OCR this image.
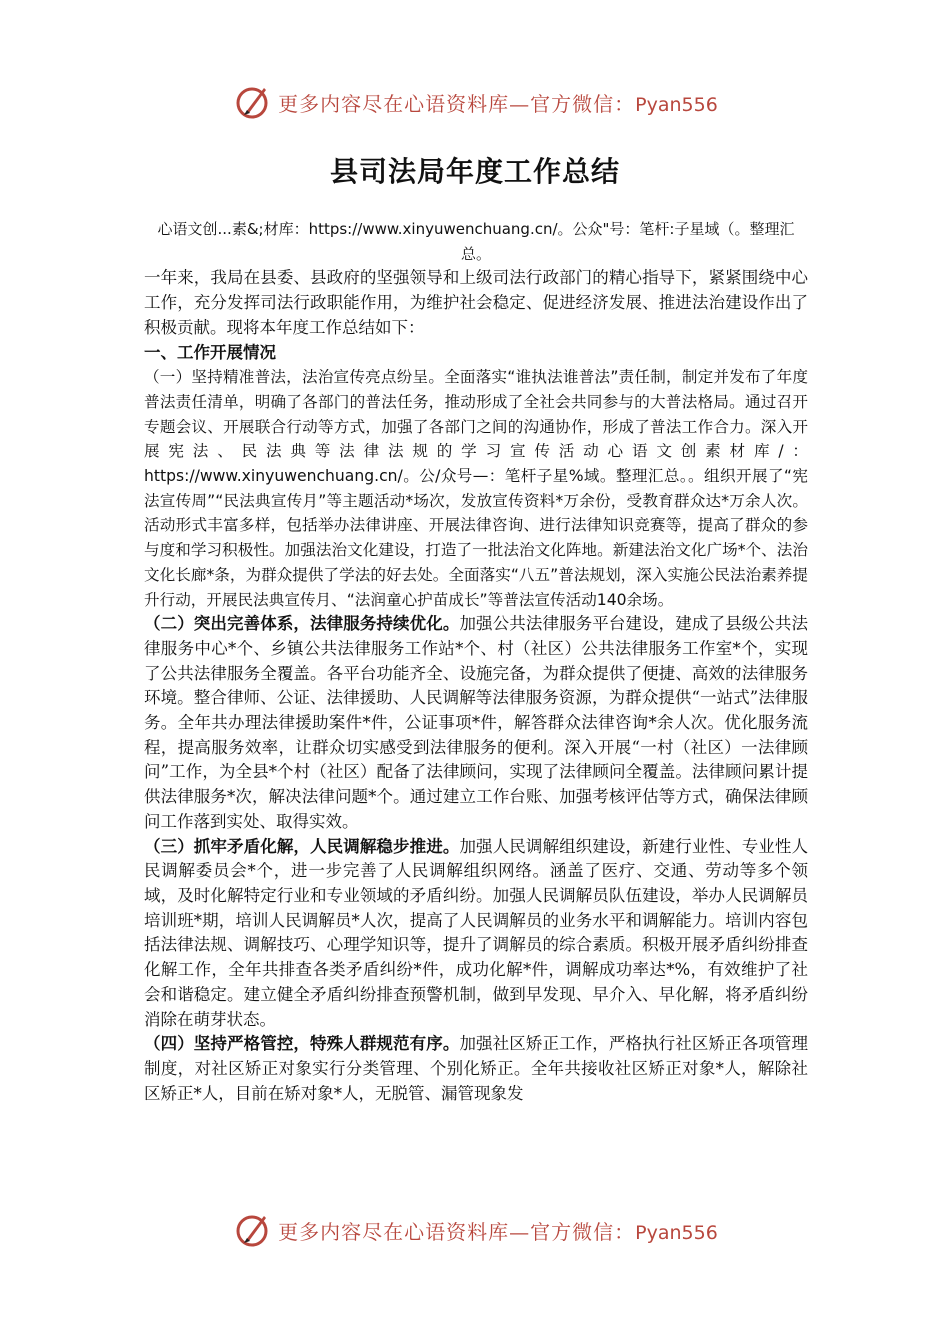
更多内容尽在心语资料库—官方微信：Pyan556
县司法局年度工作总结

心语文创...素&;材库：https://www.xinyuwenchuang.cn/。公众"号：笔杆:子星域（。整理汇总。

一年来，我局在县委、县政府的坚强领导和上级司法行政部门的精心指导下，紧紧围绕中心工作，充分发挥司法行政职能作用，为维护社会稳定、促进经济发展、推进法治建设作出了积极贡献。现将本年度工作总结如下：

一、工作开展情况

（一）坚持精准普法，法治宣传亮点纷呈。全面落实“谁执法谁普法”责任制，制定并发布了年度普法责任清单，明确了各部门的普法任务，推动形成了全社会共同参与的大普法格局。通过召开专题会议、开展联合行动等方式，加强了各部门之间的沟通协作，形成了普法工作合力。深入开展宪法、民法典等法律法规的学习宣传活动心语文创素材库/：https://www.xinyuwenchuang.cn/。公/众号—：笔杆子星%域。整理汇总。。组织开展了“宪法宣传周”“民法典宣传月”等主题活动*场次，发放宣传资料*万余份，受教育群众达*万余人次。活动形式丰富多样，包括举办法律讲座、开展法律咨询、进行法律知识竞赛等，提高了群众的参与度和学习积极性。加强法治文化建设，打造了一批法治文化阵地。新建法治文化广场*个、法治文化长廊*条，为群众提供了学法的好去处。全面落实“八五”普法规划，深入实施公民法治素养提升行动，开展民法典宣传月、“法润童心护苗成长”等普法宣传活动140余场。

（二）突出完善体系，法律服务持续优化。加强公共法律服务平台建设，建成了县级公共法律服务中心*个、乡镇公共法律服务工作站*个、村（社区）公共法律服务工作室*个，实现了公共法律服务全覆盖。各平台功能齐全、设施完备，为群众提供了便捷、高效的法律服务环境。整合律师、公证、法律援助、人民调解等法律服务资源，为群众提供“一站式”法律服务。全年共办理法律援助案件*件，公证事项*件，解答群众法律咨询*余人次。优化服务流程，提高服务效率，让群众切实感受到法律服务的便利。深入开展“一村（社区）一法律顾问”工作，为全县*个村（社区）配备了法律顾问，实现了法律顾问全覆盖。法律顾问累计提供法律服务*次，解决法律问题*个。通过建立工作台账、加强考核评估等方式，确保法律顾问工作落到实处、取得实效。

（三）抓牢矛盾化解，人民调解稳步推进。加强人民调解组织建设，新建行业性、专业性人民调解委员会*个，进一步完善了人民调解组织网络。涵盖了医疗、交通、劳动等多个领域，及时化解特定行业和专业领域的矛盾纠纷。加强人民调解员队伍建设，举办人民调解员培训班*期，培训人民调解员*人次，提高了人民调解员的业务水平和调解能力。培训内容包括法律法规、调解技巧、心理学知识等，提升了调解员的综合素质。积极开展矛盾纠纷排查化解工作，全年共排查各类矛盾纠纷*件，成功化解*件，调解成功率达*%，有效维护了社会和谐稳定。建立健全矛盾纠纷排查预警机制，做到早发现、早介入、早化解，将矛盾纠纷消除在萌芽状态。

（四）坚持严格管控，特殊人群规范有序。加强社区矫正工作，严格执行社区矫正各项管理制度，对社区矫正对象实行分类管理、个别化矫正。全年共接收社区矫正对象*人，解除社区矫正*人，目前在矫对象*人，无脱管、漏管现象发

更多内容尽在心语资料库—官方微信：Pyan556
